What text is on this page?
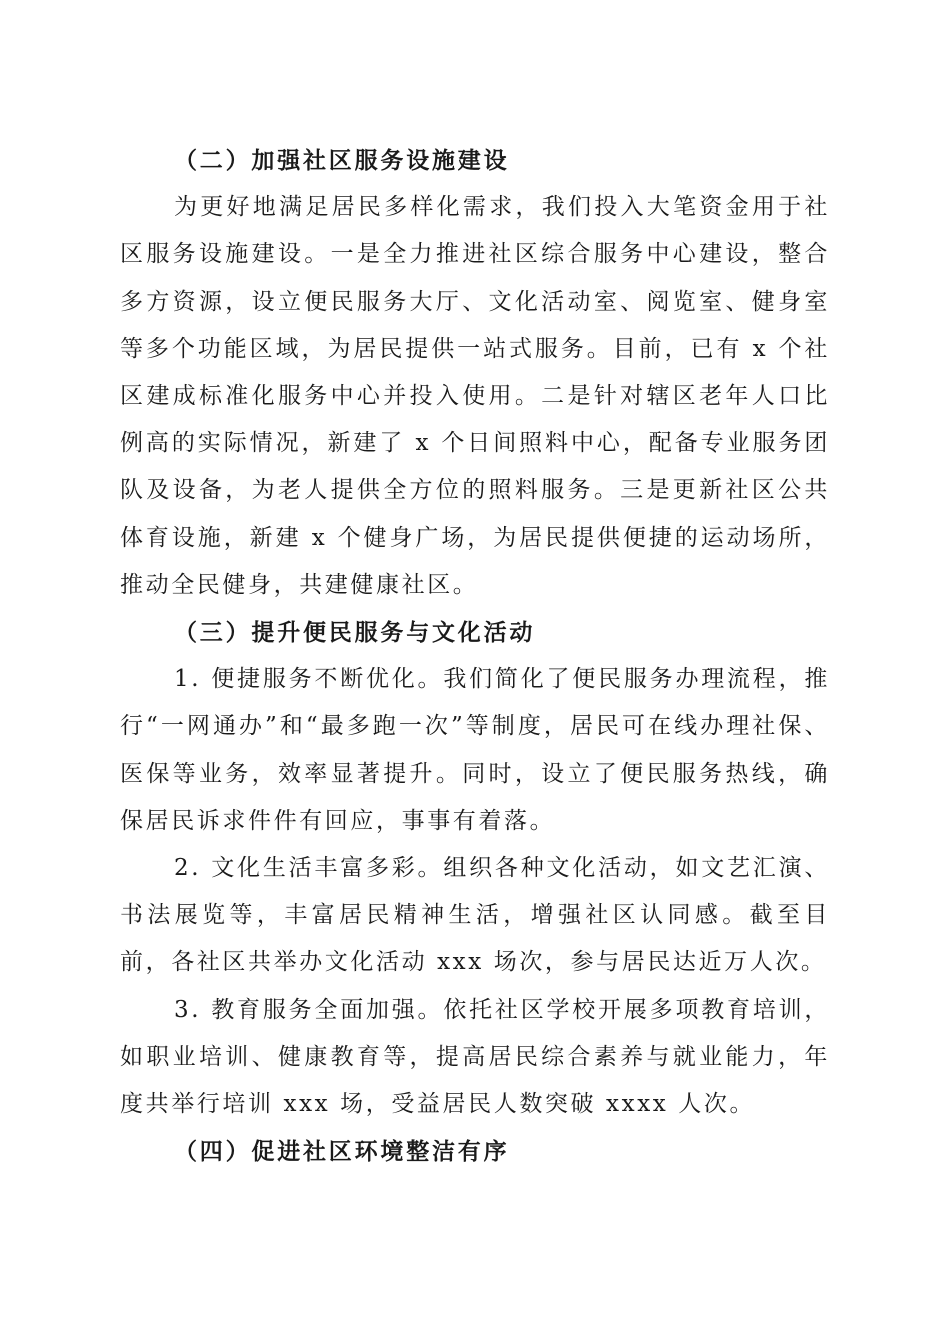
（二）加强社区服务设施建设

为更好地满足居民多样化需求，我们投入大笔资金用于社区服务设施建设。一是全力推进社区综合服务中心建设，整合多方资源，设立便民服务大厅、文化活动室、阅览室、健身室等多个功能区域，为居民提供一站式服务。目前，已有 x 个社区建成标准化服务中心并投入使用。二是针对辖区老年人口比例高的实际情况，新建了 x 个日间照料中心，配备专业服务团队及设备，为老人提供全方位的照料服务。三是更新社区公共体育设施，新建 x 个健身广场，为居民提供便捷的运动场所，推动全民健身，共建健康社区。

（三）提升便民服务与文化活动

1. 便捷服务不断优化。我们简化了便民服务办理流程，推行“一网通办”和“最多跑一次”等制度，居民可在线办理社保、医保等业务，效率显著提升。同时，设立了便民服务热线，确保居民诉求件件有回应，事事有着落。

2. 文化生活丰富多彩。组织各种文化活动，如文艺汇演、书法展览等，丰富居民精神生活，增强社区认同感。截至目前，各社区共举办文化活动 xxx 场次，参与居民达近万人次。

3. 教育服务全面加强。依托社区学校开展多项教育培训，如职业培训、健康教育等，提高居民综合素养与就业能力，年度共举行培训 xxx 场，受益居民人数突破 xxxx 人次。

（四）促进社区环境整洁有序
